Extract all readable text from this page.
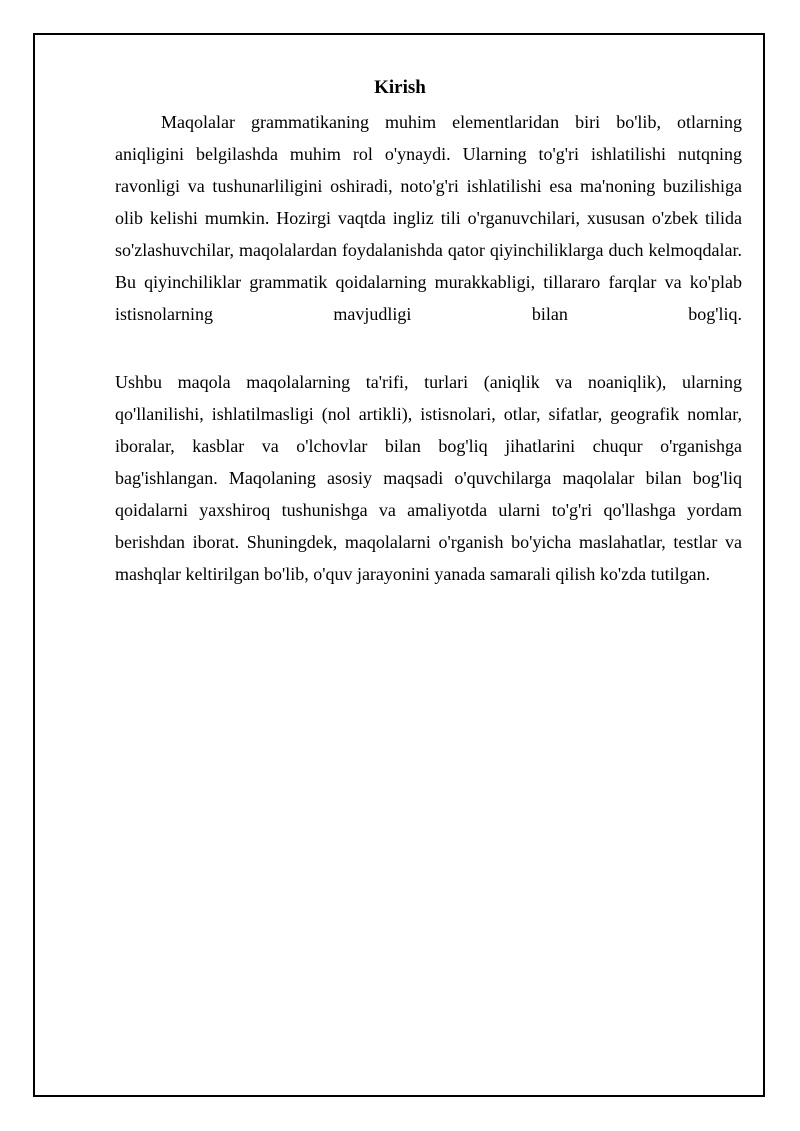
Kirish

Maqolalar grammatikaning muhim elementlaridan biri bo'lib, otlarning aniqligini belgilashda muhim rol o'ynaydi. Ularning to'g'ri ishlatilishi nutqning ravonligi va tushunarliligini oshiradi, noto'g'ri ishlatilishi esa ma'noning buzilishiga olib kelishi mumkin. Hozirgi vaqtda ingliz tili o'rganuvchilari, xususan o'zbek tilida so'zlashuvchilar, maqolalardan foydalanishda qator qiyinchiliklarga duch kelmoqdalar. Bu qiyinchiliklar grammatik qoidalarning murakkabligi, tillararo farqlar va ko'plab istisnolarning mavjudligi bilan bog'liq.

Ushbu maqola maqolalarning ta'rifi, turlari (aniqlik va noaniqlik), ularning qo'llanilishi, ishlatilmasligi (nol artikli), istisnolari, otlar, sifatlar, geografik nomlar, iboralar, kasblar va o'lchovlar bilan bog'liq jihatlarini chuqur o'rganishga bag'ishlangan. Maqolaning asosiy maqsadi o'quvchilarga maqolalar bilan bog'liq qoidalarni yaxshiroq tushunishga va amaliyotda ularni to'g'ri qo'llashga yordam berishdan iborat. Shuningdek, maqolalarni o'rganish bo'yicha maslahatlar, testlar va mashqlar keltirilgan bo'lib, o'quv jarayonini yanada samarali qilish ko'zda tutilgan.
